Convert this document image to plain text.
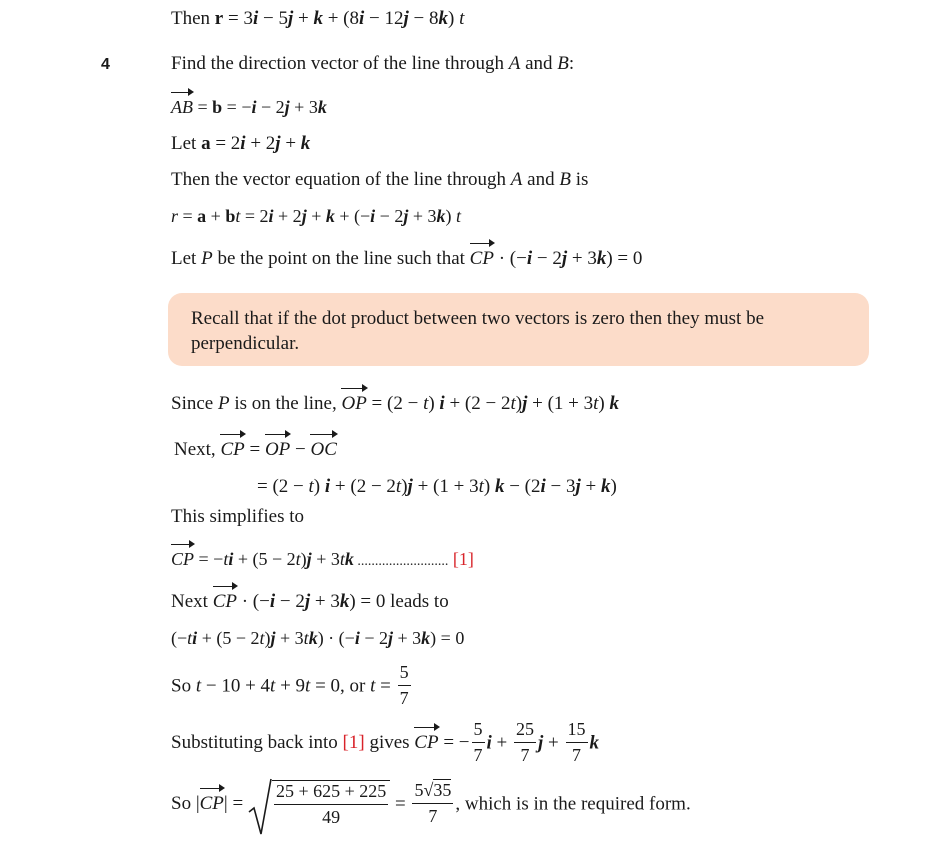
Then r = 3i − 5j + k + (8i − 12j − 8k) t
4	Find the direction vector of the line through A and B:
AB = b = −i − 2j + 3k
Let a = 2i + 2j + k
Then the vector equation of the line through A and B is
r = a + bt = 2i + 2j + k + (−i − 2j + 3k) t
Let P be the point on the line such that CP · (−i − 2j + 3k) = 0
Recall that if the dot product between two vectors is zero then they must be perpendicular.
Since P is on the line, OP = (2 − t) i + (2 − 2t)j + (1 + 3t) k
Next, CP = OP − OC
= (2 − t) i + (2 − 2t)j + (1 + 3t) k − (2i − 3j + k)
This simplifies to
CP = −ti + (5 − 2t)j + 3tk .......................... [1]
Next CP · (−i − 2j + 3k) = 0 leads to
(−ti + (5 − 2t)j + 3tk) · (−i − 2j + 3k) = 0
So t − 10 + 4t + 9t = 0, or $t = \frac{5}{7}$
Substituting back into [1] gives CP = − $\frac{5}{7}$ $i + \frac{25}{7}$ $j + \frac{15}{7}$ k
So $|CP| = \frac{25 + 625 + 225}{49} = \frac{5√35}{7}$ , which is in the required form.
